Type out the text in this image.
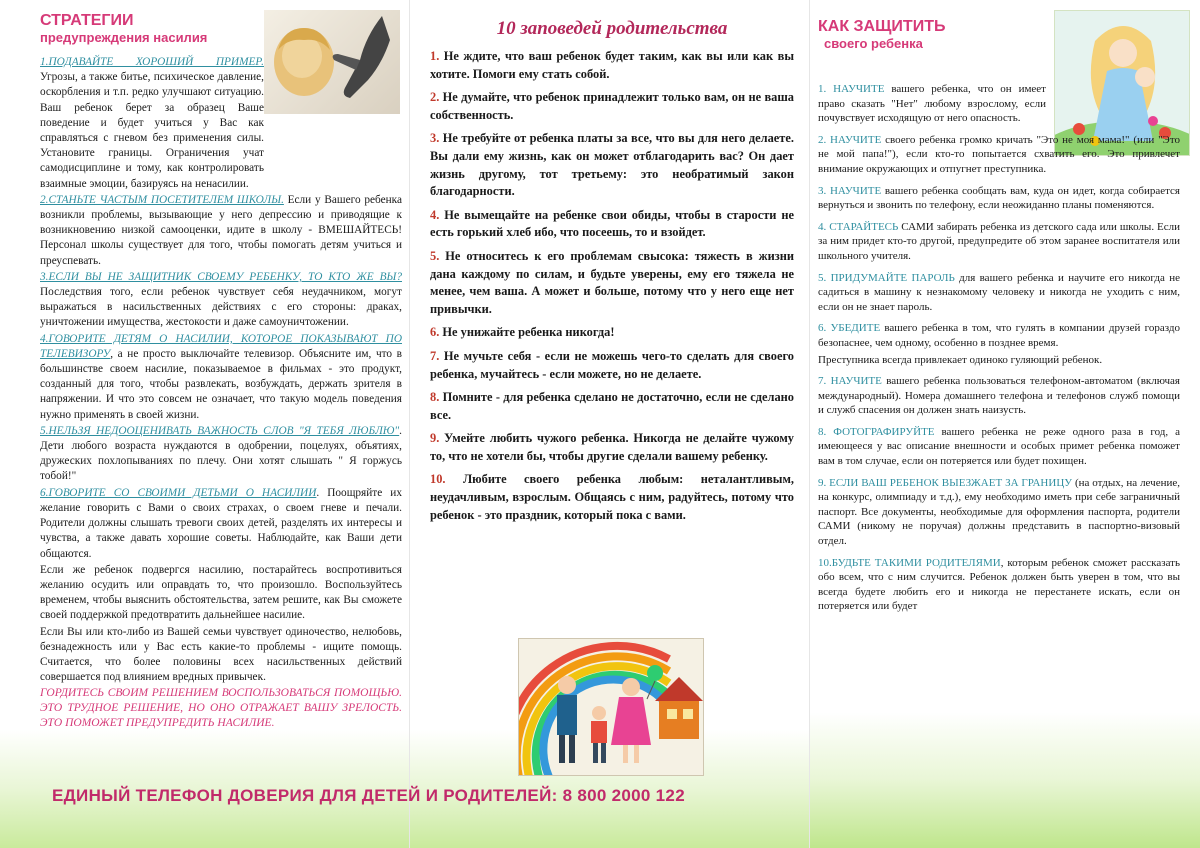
СТРАТЕГИИ
предупреждения насилия

1.ПОДАВАЙТЕ ХОРОШИЙ ПРИМЕР. Угрозы, а также битье, психическое давление, оскорбления и т.п. редко улучшают ситуацию. Ваш ребенок берет за образец Ваше поведение и будет учиться у Вас как справляться с гневом без применения силы. Установите границы. Ограничения учат самодисциплине и тому, как контролировать взаимные эмоции, базируясь на ненасилии.

2.СТАНЬТЕ ЧАСТЫМ ПОСЕТИТЕЛЕМ ШКОЛЫ. Если у Вашего ребенка возникли проблемы, вызывающие у него депрессию и приводящие к возникновению низкой самооценки, идите в школу - ВМЕШАЙТЕСЬ! Персонал школы существует для того, чтобы помогать детям учиться и преуспевать.

3.ЕСЛИ ВЫ НЕ ЗАЩИТНИК СВОЕМУ РЕБЕНКУ, ТО КТО ЖЕ ВЫ? Последствия того, если ребенок чувствует себя неудачником, могут выражаться в насильственных действиях с его стороны: драках, уничтожении имущества, жестокости и даже самоуничтожении.

4.ГОВОРИТЕ ДЕТЯМ О НАСИЛИИ, КОТОРОЕ ПОКАЗЫВАЮТ ПО ТЕЛЕВИЗОРУ, а не просто выключайте телевизор. Объясните им, что в большинстве своем насилие, показываемое в фильмах - это продукт, созданный для того, чтобы развлекать, возбуждать, держать зрителя в напряжении. И что это совсем не означает, что такую модель поведения нужно применять в своей жизни.

5.НЕЛЬЗЯ НЕДООЦЕНИВАТЬ ВАЖНОСТЬ СЛОВ "Я ТЕБЯ ЛЮБЛЮ". Дети любого возраста нуждаются в одобрении, поцелуях, объятиях, дружеских похлопываниях по плечу. Они хотят слышать " Я горжусь тобой!"

6.ГОВОРИТЕ СО СВОИМИ ДЕТЬМИ О НАСИЛИИ. Поощряйте их желание говорить с Вами о своих страхах, о своем гневе и печали. Родители должны слышать тревоги своих детей, разделять их интересы и чувства, а также давать хорошие советы. Наблюдайте, как Ваши дети общаются.

Если же ребенок подвергся насилию, постарайтесь воспротивиться желанию осудить или оправдать то, что произошло. Воспользуйтесь временем, чтобы выяснить обстоятельства, затем решите, как Вы сможете своей поддержкой предотвратить дальнейшее насилие.

Если Вы или кто-либо из Вашей семьи чувствует одиночество, нелюбовь, безнадежность или у Вас есть какие-то проблемы - ищите помощь. Считается, что более половины всех насильственных действий совершается под влиянием вредных привычек.

ГОРДИТЕСЬ СВОИМ РЕШЕНИЕМ ВОСПОЛЬЗОВАТЬСЯ ПОМОЩЬЮ. ЭТО ТРУДНОЕ РЕШЕНИЕ, НО ОНО ОТРАЖАЕТ ВАШУ ЗРЕЛОСТЬ. ЭТО ПОМОЖЕТ ПРЕДУПРЕДИТЬ НАСИЛИЕ.

10 заповедей родительства

1. Не ждите, что ваш ребенок будет таким, как вы или как вы хотите. Помоги ему стать собой.

2. Не думайте, что ребенок принадлежит только вам, он не ваша собственность.

3. Не требуйте от ребенка платы за все, что вы для него делаете. Вы дали ему жизнь, как он может отблагодарить вас? Он дает жизнь другому, тот третьему: это необратимый закон благодарности.

4. Не вымещайте на ребенке свои обиды, чтобы в старости не есть горький хлеб ибо, что посеешь, то и взойдет.

5. Не относитесь к его проблемам свысока: тяжесть в жизни дана каждому по силам, и будьте уверены, ему его тяжела не менее, чем ваша. А может и больше, потому что у него еще нет привычки.

6. Не унижайте ребенка никогда!

7. Не мучьте себя - если не можешь чего-то сделать для своего ребенка, мучайтесь - если можете, но не делаете.

8. Помните - для ребенка сделано не достаточно, если не сделано все.

9. Умейте любить чужого ребенка. Никогда не делайте чужому то, что не хотели бы, чтобы другие сделали вашему ребенку.

10. Любите своего ребенка любым: неталантливым, неудачливым, взрослым. Общаясь с ним, радуйтесь, потому что ребенок - это праздник, который пока с вами.

КАК ЗАЩИТИТЬ
своего ребенка

1. НАУЧИТЕ вашего ребенка, что он имеет право сказать "Нет" любому взрослому, если почувствует исходящую от него опасность.

2. НАУЧИТЕ своего ребенка громко кричать "Это не моя мама!" (или "Это не мой папа!"), если кто-то попытается схватить его. Это привлечет внимание окружающих и отпугнет преступника.

3. НАУЧИТЕ вашего ребенка сообщать вам, куда он идет, когда собирается вернуться и звонить по телефону, если неожиданно планы поменяются.

4. СТАРАЙТЕСЬ САМИ забирать ребенка из детского сада или школы. Если за ним придет кто-то другой, предупредите об этом заранее воспитателя или школьного учителя.

5. ПРИДУМАЙТЕ ПАРОЛЬ для вашего ребенка и научите его никогда не садиться в машину к незнакомому человеку и никогда не уходить с ним, если он не знает пароль.

6. УБЕДИТЕ вашего ребенка в том, что гулять в компании друзей гораздо безопаснее, чем одному, особенно в позднее время.

Преступника всегда привлекает одиноко гуляющий ребенок.

7. НАУЧИТЕ вашего ребенка пользоваться телефоном-автоматом (включая международный). Номера домашнего телефона и телефонов служб помощи и служб спасения он должен знать наизусть.

8. ФОТОГРАФИРУЙТЕ вашего ребенка не реже одного раза в год, а имеющееся у вас описание внешности и особых примет ребенка поможет вам в том случае, если он потеряется или будет похищен.

9. ЕСЛИ ВАШ РЕБЕНОК ВЫЕЗЖАЕТ ЗА ГРАНИЦУ (на отдых, на лечение, на конкурс, олимпиаду и т.д.), ему необходимо иметь при себе заграничный паспорт. Все документы, необходимые для оформления паспорта, родители САМИ (никому не поручая) должны представить в паспортно-визовый отдел.

10.БУДЬТЕ ТАКИМИ РОДИТЕЛЯМИ, которым ребенок сможет рассказать обо всем, что с ним случится. Ребенок должен быть уверен в том, что вы всегда будете любить его и никогда не перестанете искать, если он потеряется или будет

ЕДИНЫЙ ТЕЛЕФОН ДОВЕРИЯ ДЛЯ ДЕТЕЙ И РОДИТЕЛЕЙ: 8 800 2000 122
